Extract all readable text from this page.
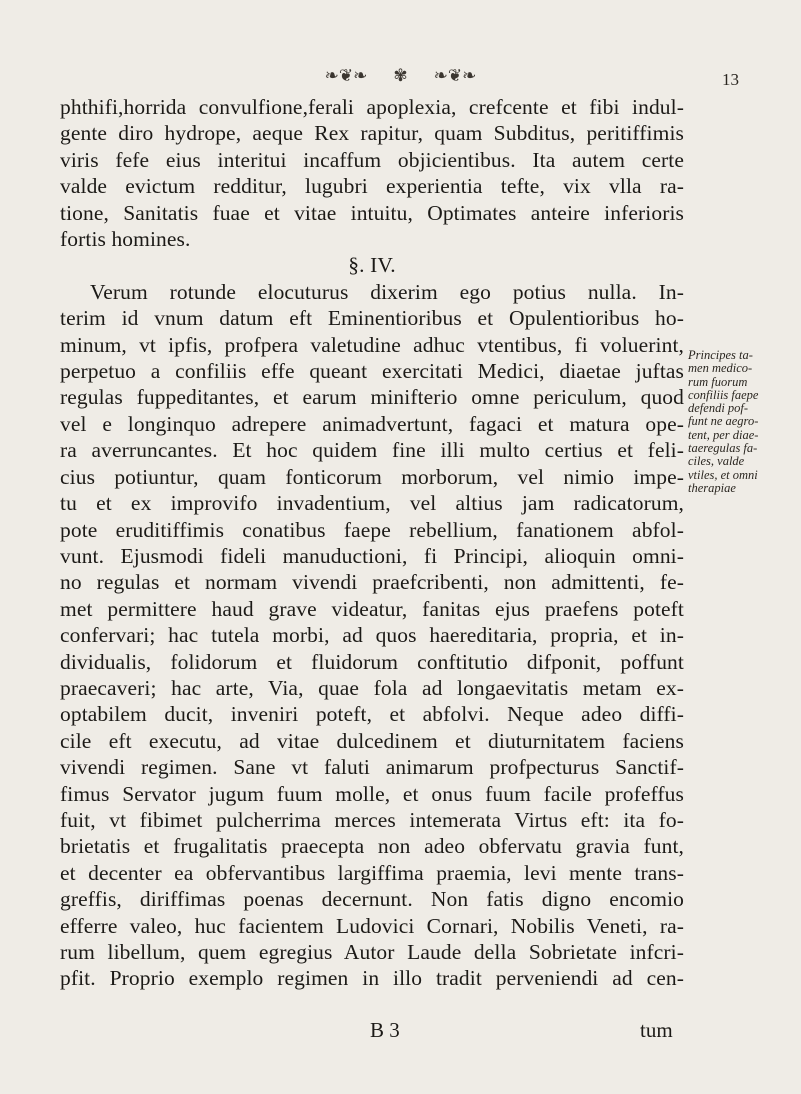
❧❦❧ ✾ ❧❦❧	13
phthifi,horrida convulfione,ferali apoplexia, crefcente et fibi indul-
gente diro hydrope, aeque Rex rapitur, quam Subditus, peritiffimis
viris fefe eius interitui incaffum objicientibus. Ita autem certe
valde evictum redditur, lugubri experientia tefte, vix vlla ra-
tione, Sanitatis fuae et vitae intuitu, Optimates anteire inferioris
fortis homines.
§. IV.
Verum rotunde elocuturus dixerim ego potius nulla. In-
terim id vnum datum eft Eminentioribus et Opulentioribus ho-
minum, vt ipfis, profpera valetudine adhuc vtentibus, fi voluerint,
perpetuo a confiliis effe queant exercitati Medici, diaetae juftas
regulas fuppeditantes, et earum minifterio omne periculum, quod
vel e longinquo adrepere animadvertunt, fagaci et matura ope-
ra averruncantes. Et hoc quidem fine illi multo certius et feli-
cius potiuntur, quam fonticorum morborum, vel nimio impe-
tu et ex improvifo invadentium, vel altius jam radicatorum,
pote eruditiffimis conatibus faepe rebellium, fanationem abfol-
vunt. Ejusmodi fideli manuductioni, fi Principi, alioquin omni-
no regulas et normam vivendi praefcribenti, non admittenti, fe-
met permittere haud grave videatur, fanitas ejus praefens poteft
confervari; hac tutela morbi, ad quos haereditaria, propria, et in-
dividualis, folidorum et fluidorum conftitutio difponit, poffunt
praecaveri; hac arte, Via, quae fola ad longaevitatis metam ex-
optabilem ducit, inveniri poteft, et abfolvi. Neque adeo diffi-
cile eft executu, ad vitae dulcedinem et diuturnitatem faciens
vivendi regimen. Sane vt faluti animarum profpecturus Sanctif-
fimus Servator jugum fuum molle, et onus fuum facile profeffus
fuit, vt fibimet pulcherrima merces intemerata Virtus eft: ita fo-
brietatis et frugalitatis praecepta non adeo obfervatu gravia funt,
et decenter ea obfervantibus largiffima praemia, levi mente trans-
greffis, diriffimas poenas decernunt. Non fatis digno encomio
efferre valeo, huc facientem Ludovici Cornari, Nobilis Veneti, ra-
rum libellum, quem egregius Autor Laude della Sobrietate infcri-
pfit. Proprio exemplo regimen in illo tradit perveniendi ad cen-
Principes ta-
men medico-
rum fuorum
confiliis faepe
defendi pof-
funt ne aegro-
tent, per diae-
taeregulas fa-
ciles, valde
vtiles, et omni
therapiae
B 3	tum
